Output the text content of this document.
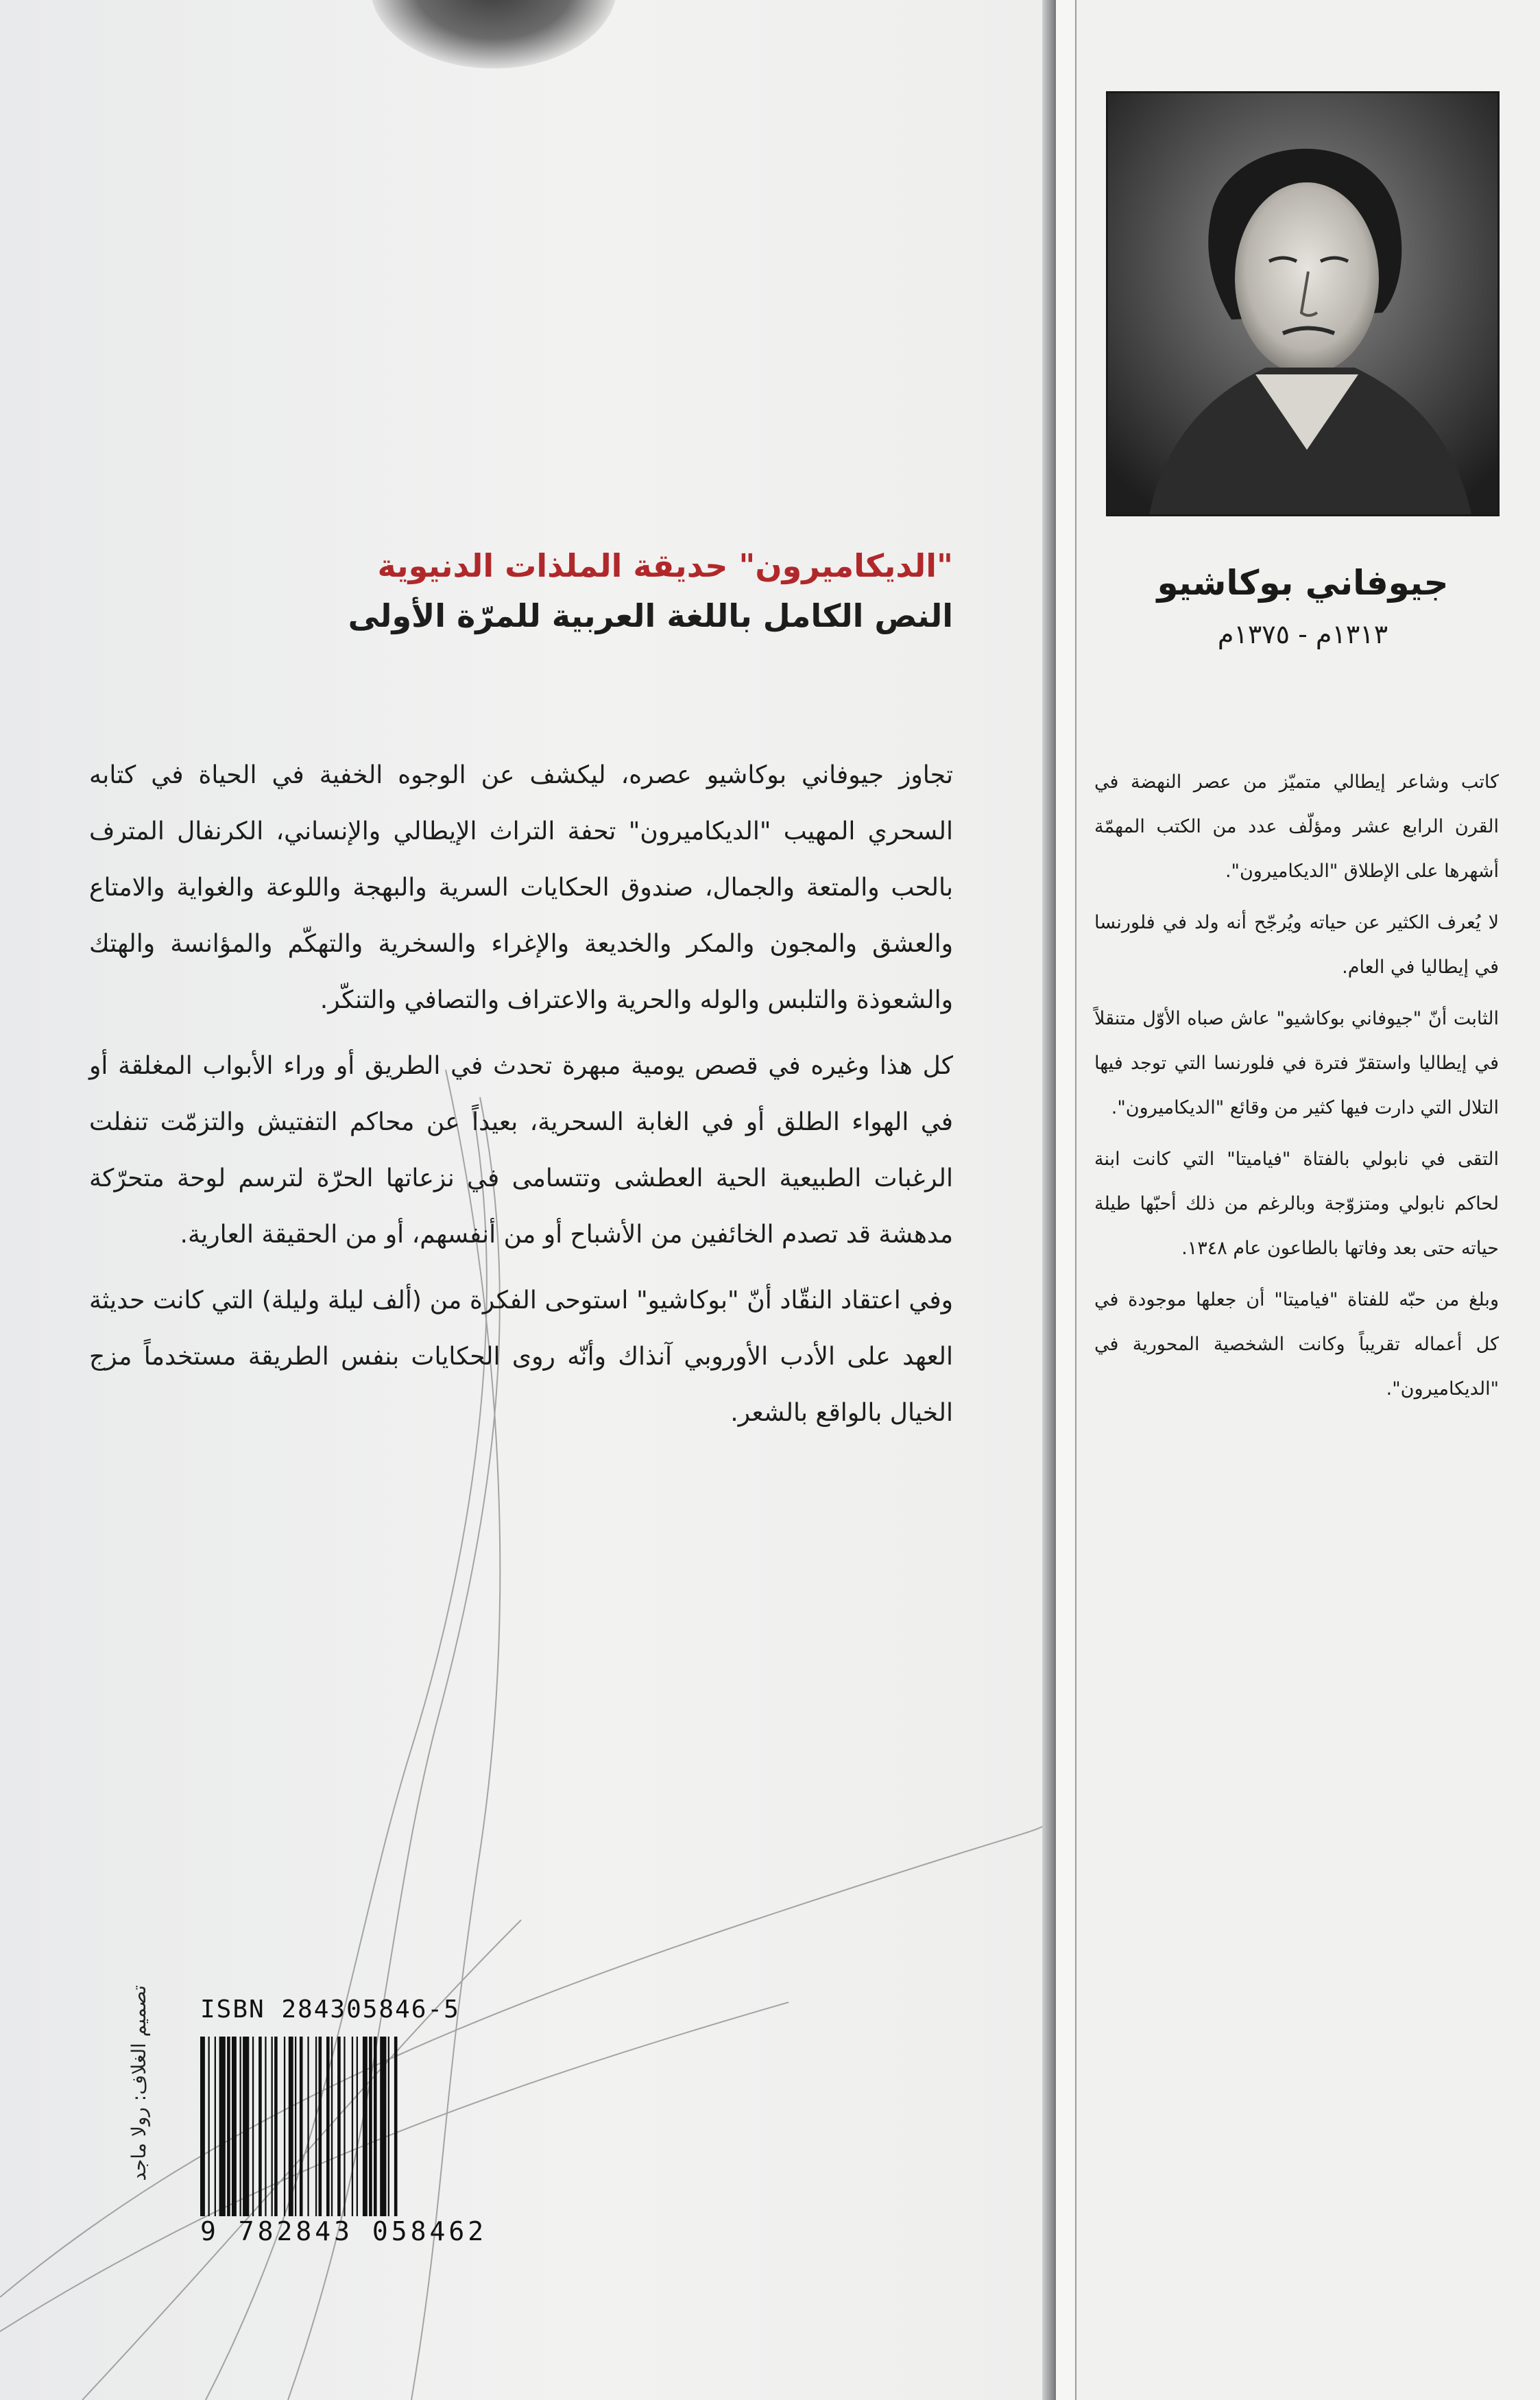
"الديكاميرون" حديقة الملذات الدنيوية

النص الكامل باللغة العربية للمرّة الأولى

تجاوز جيوفاني بوكاشيو عصره، ليكشف عن الوجوه الخفية في الحياة في كتابه السحري المهيب "الديكاميرون" تحفة التراث الإيطالي والإنساني، الكرنفال المترف بالحب والمتعة والجمال، صندوق الحكايات السرية والبهجة واللوعة والغواية والامتاع والعشق والمجون والمكر والخديعة والإغراء والسخرية والتهكّم والمؤانسة والهتك والشعوذة والتلبس والوله والحرية والاعتراف والتصافي والتنكّر.

كل هذا وغيره في قصص يومية مبهرة تحدث في الطريق أو وراء الأبواب المغلقة أو في الهواء الطلق أو في الغابة السحرية، بعيداً عن محاكم التفتيش والتزمّت تنفلت الرغبات الطبيعية الحية العطشى وتتسامى في نزعاتها الحرّة لترسم لوحة متحرّكة مدهشة قد تصدم الخائفين من الأشباح أو من أنفسهم، أو من الحقيقة العارية.

وفي اعتقاد النقّاد أنّ "بوكاشيو" استوحى الفكرة من (ألف ليلة وليلة) التي كانت حديثة العهد على الأدب الأوروبي آنذاك وأنّه روى الحكايات بنفس الطريقة مستخدماً مزج الخيال بالواقع بالشعر.

ISBN 284305846-5
9 782843 058462
تصميم الغلاف: رولا ماجد

جيوفاني بوكاشيو

١٣١٣م - ١٣٧٥م

كاتب وشاعر إيطالي متميّز من عصر النهضة في القرن الرابع عشر ومؤلّف عدد من الكتب المهمّة أشهرها على الإطلاق "الديكاميرون".

لا يُعرف الكثير عن حياته ويُرجّح أنه ولد في فلورنسا في إيطاليا في العام.

الثابت أنّ "جيوفاني بوكاشيو" عاش صباه الأوّل متنقلاً في إيطاليا واستقرّ فترة في فلورنسا التي توجد فيها التلال التي دارت فيها كثير من وقائع "الديكاميرون".

التقى في نابولي بالفتاة "فياميتا" التي كانت ابنة لحاكم نابولي ومتزوّجة وبالرغم من ذلك أحبّها طيلة حياته حتى بعد وفاتها بالطاعون عام ١٣٤٨.

وبلغ من حبّه للفتاة "فياميتا" أن جعلها موجودة في كل أعماله تقريباً وكانت الشخصية المحورية في "الديكاميرون".
